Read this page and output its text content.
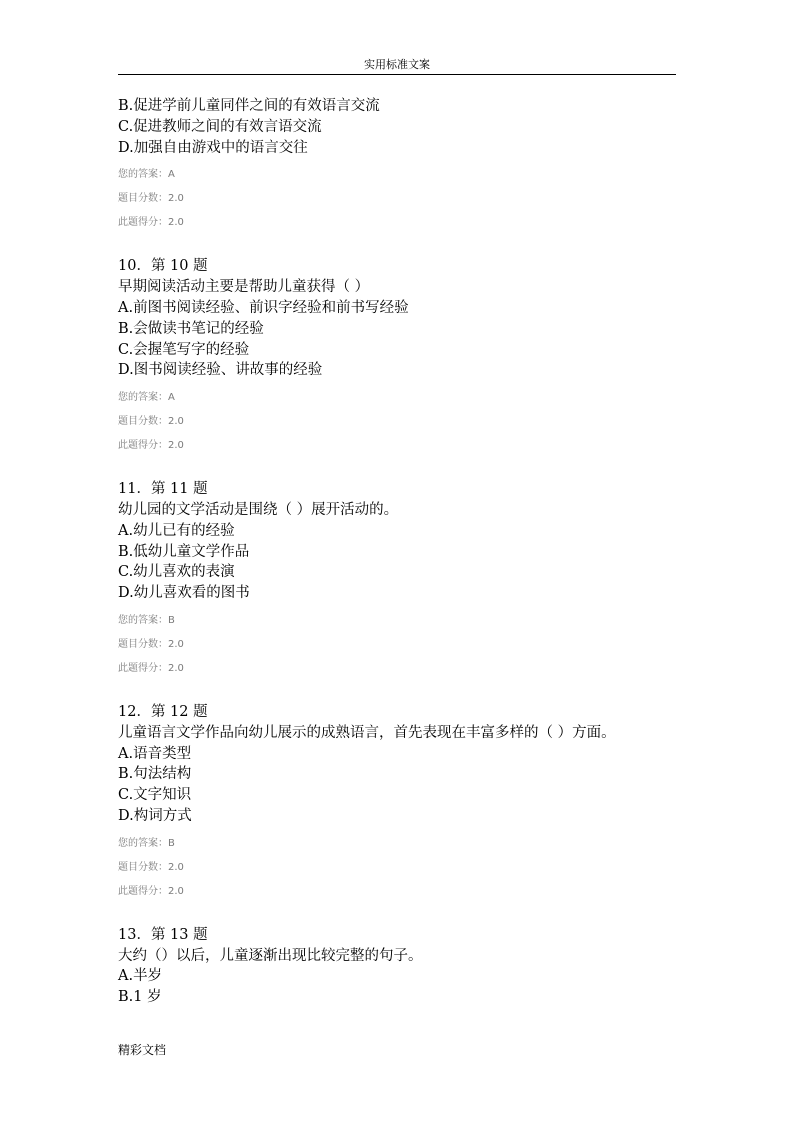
实用标准文案
B.促进学前儿童同伴之间的有效语言交流
C.促进教师之间的有效言语交流
D.加强自由游戏中的语言交往
您的答案：A
题目分数：2.0
此题得分：2.0
10．第 10 题
早期阅读活动主要是帮助儿童获得（ ）
A.前图书阅读经验、前识字经验和前书写经验
B.会做读书笔记的经验
C.会握笔写字的经验
D.图书阅读经验、讲故事的经验
您的答案：A
题目分数：2.0
此题得分：2.0
11．第 11 题
幼儿园的文学活动是围绕（ ）展开活动的。
A.幼儿已有的经验
B.低幼儿童文学作品
C.幼儿喜欢的表演
D.幼儿喜欢看的图书
您的答案：B
题目分数：2.0
此题得分：2.0
12．第 12 题
儿童语言文学作品向幼儿展示的成熟语言，首先表现在丰富多样的（ ）方面。
A.语音类型
B.句法结构
C.文字知识
D.构词方式
您的答案：B
题目分数：2.0
此题得分：2.0
13．第 13 题
大约（）以后，儿童逐渐出现比较完整的句子。
A.半岁
B.1 岁
精彩文档
